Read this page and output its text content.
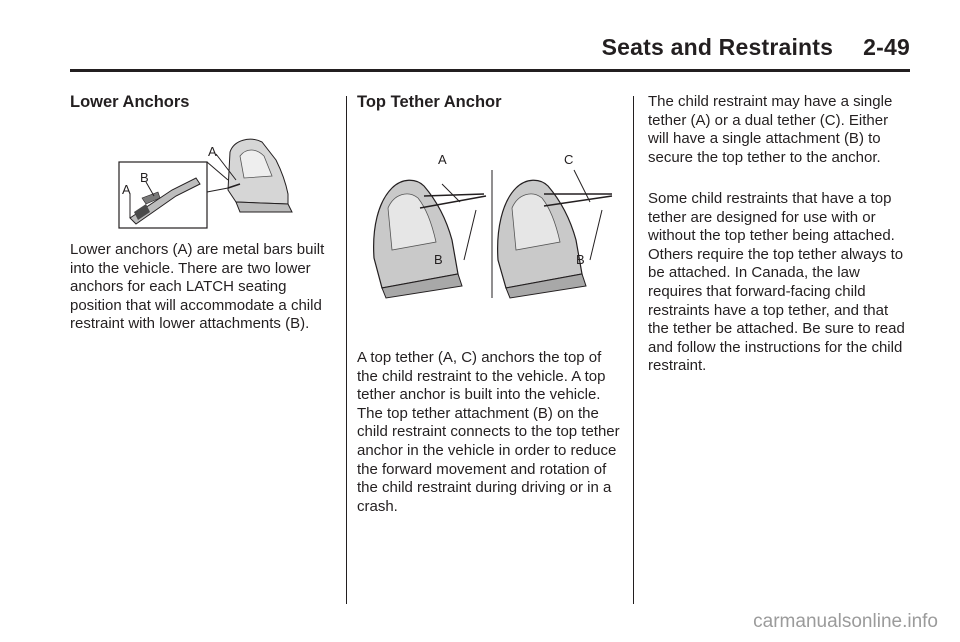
Seats and Restraints 2-49
Lower Anchors
A
B
A

Lower anchors (A) are metal bars built into the vehicle. There are two lower anchors for each LATCH seating position that will accommodate a child restraint with lower attachments (B).

Top Tether Anchor
A
B
C
B

A top tether (A, C) anchors the top of the child restraint to the vehicle. A top tether anchor is built into the vehicle. The top tether attachment (B) on the child restraint connects to the top tether anchor in the vehicle in order to reduce the forward movement and rotation of the child restraint during driving or in a crash.

The child restraint may have a single tether (A) or a dual tether (C). Either will have a single attachment (B) to secure the top tether to the anchor.

Some child restraints that have a top tether are designed for use with or without the top tether being attached. Others require the top tether always to be attached. In Canada, the law requires that forward-facing child restraints have a top tether, and that the tether be attached. Be sure to read and follow the instructions for the child restraint.

carmanualsonline.info
